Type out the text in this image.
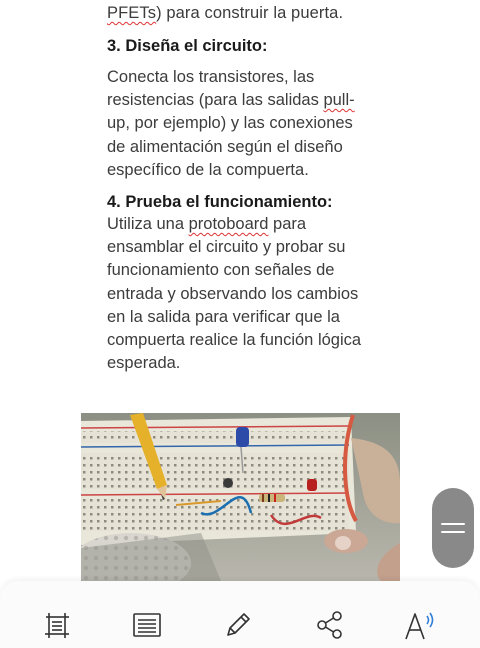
PFETs) para construir la puerta.
3. Diseña el circuito:
Conecta los transistores, las
resistencias (para las salidas pull-
up, por ejemplo) y las conexiones
de alimentación según el diseño
específico de la compuerta.
4. Prueba el funcionamiento:
Utiliza una protoboard para
ensamblar el circuito y probar su
funcionamiento con señales de
entrada y observando los cambios
en la salida para verificar que la
compuerta realice la función lógica
esperada.
